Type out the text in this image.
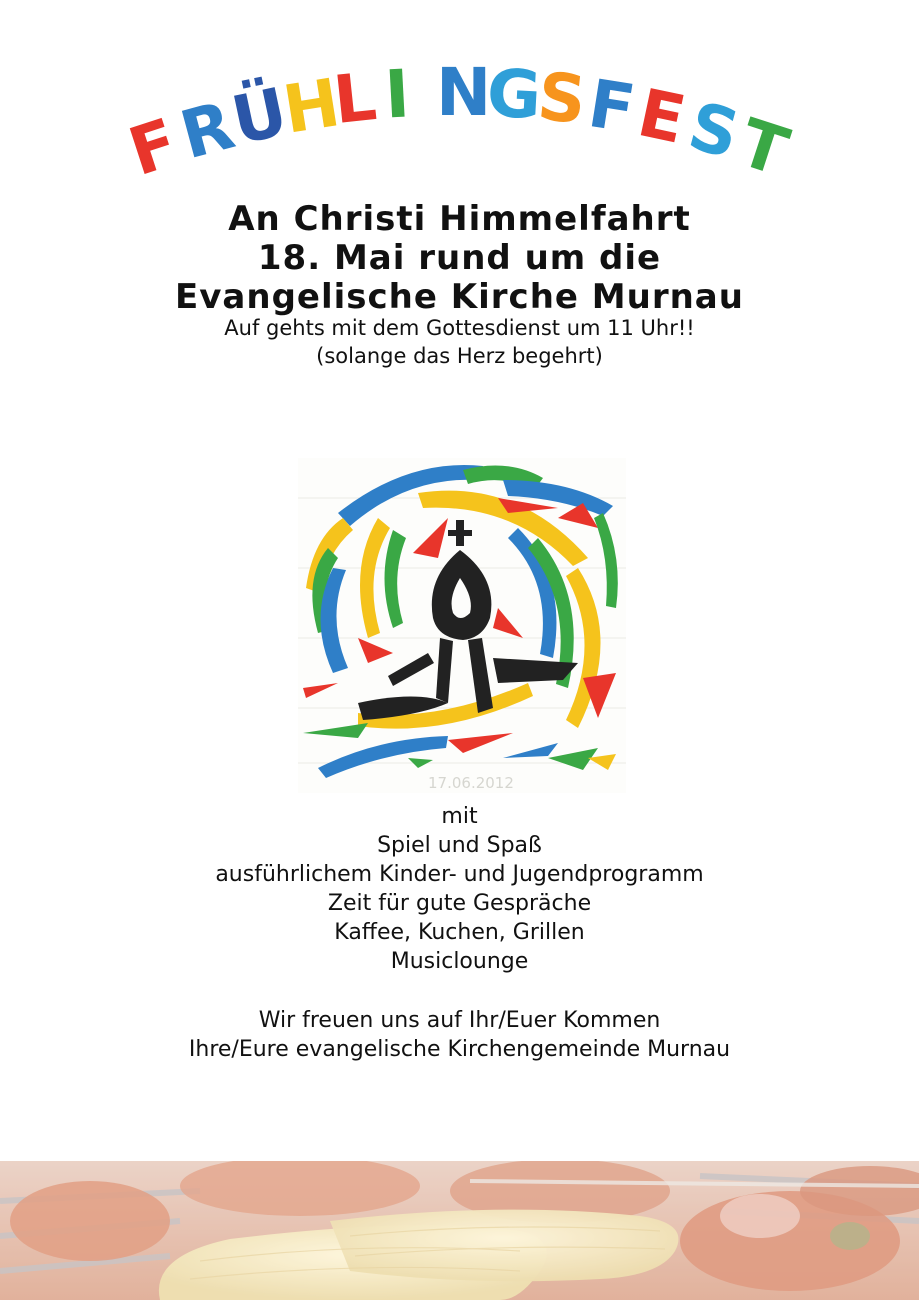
F
R
Ü
H
L I N
G
S
F
E
S
T

An Christi Himmelfahrt

18. Mai rund um die

Evangelische Kirche Murnau

Auf gehts mit dem Gottesdienst um 11 Uhr!!

(solange das Herz begehrt)

17.06.2012

mit

Spiel und Spaß

ausführlichem Kinder- und Jugendprogramm

Zeit für gute Gespräche

Kaffee, Kuchen, Grillen

Musiclounge

Wir freuen uns auf Ihr/Euer Kommen

Ihre/Eure evangelische Kirchengemeinde Murnau
